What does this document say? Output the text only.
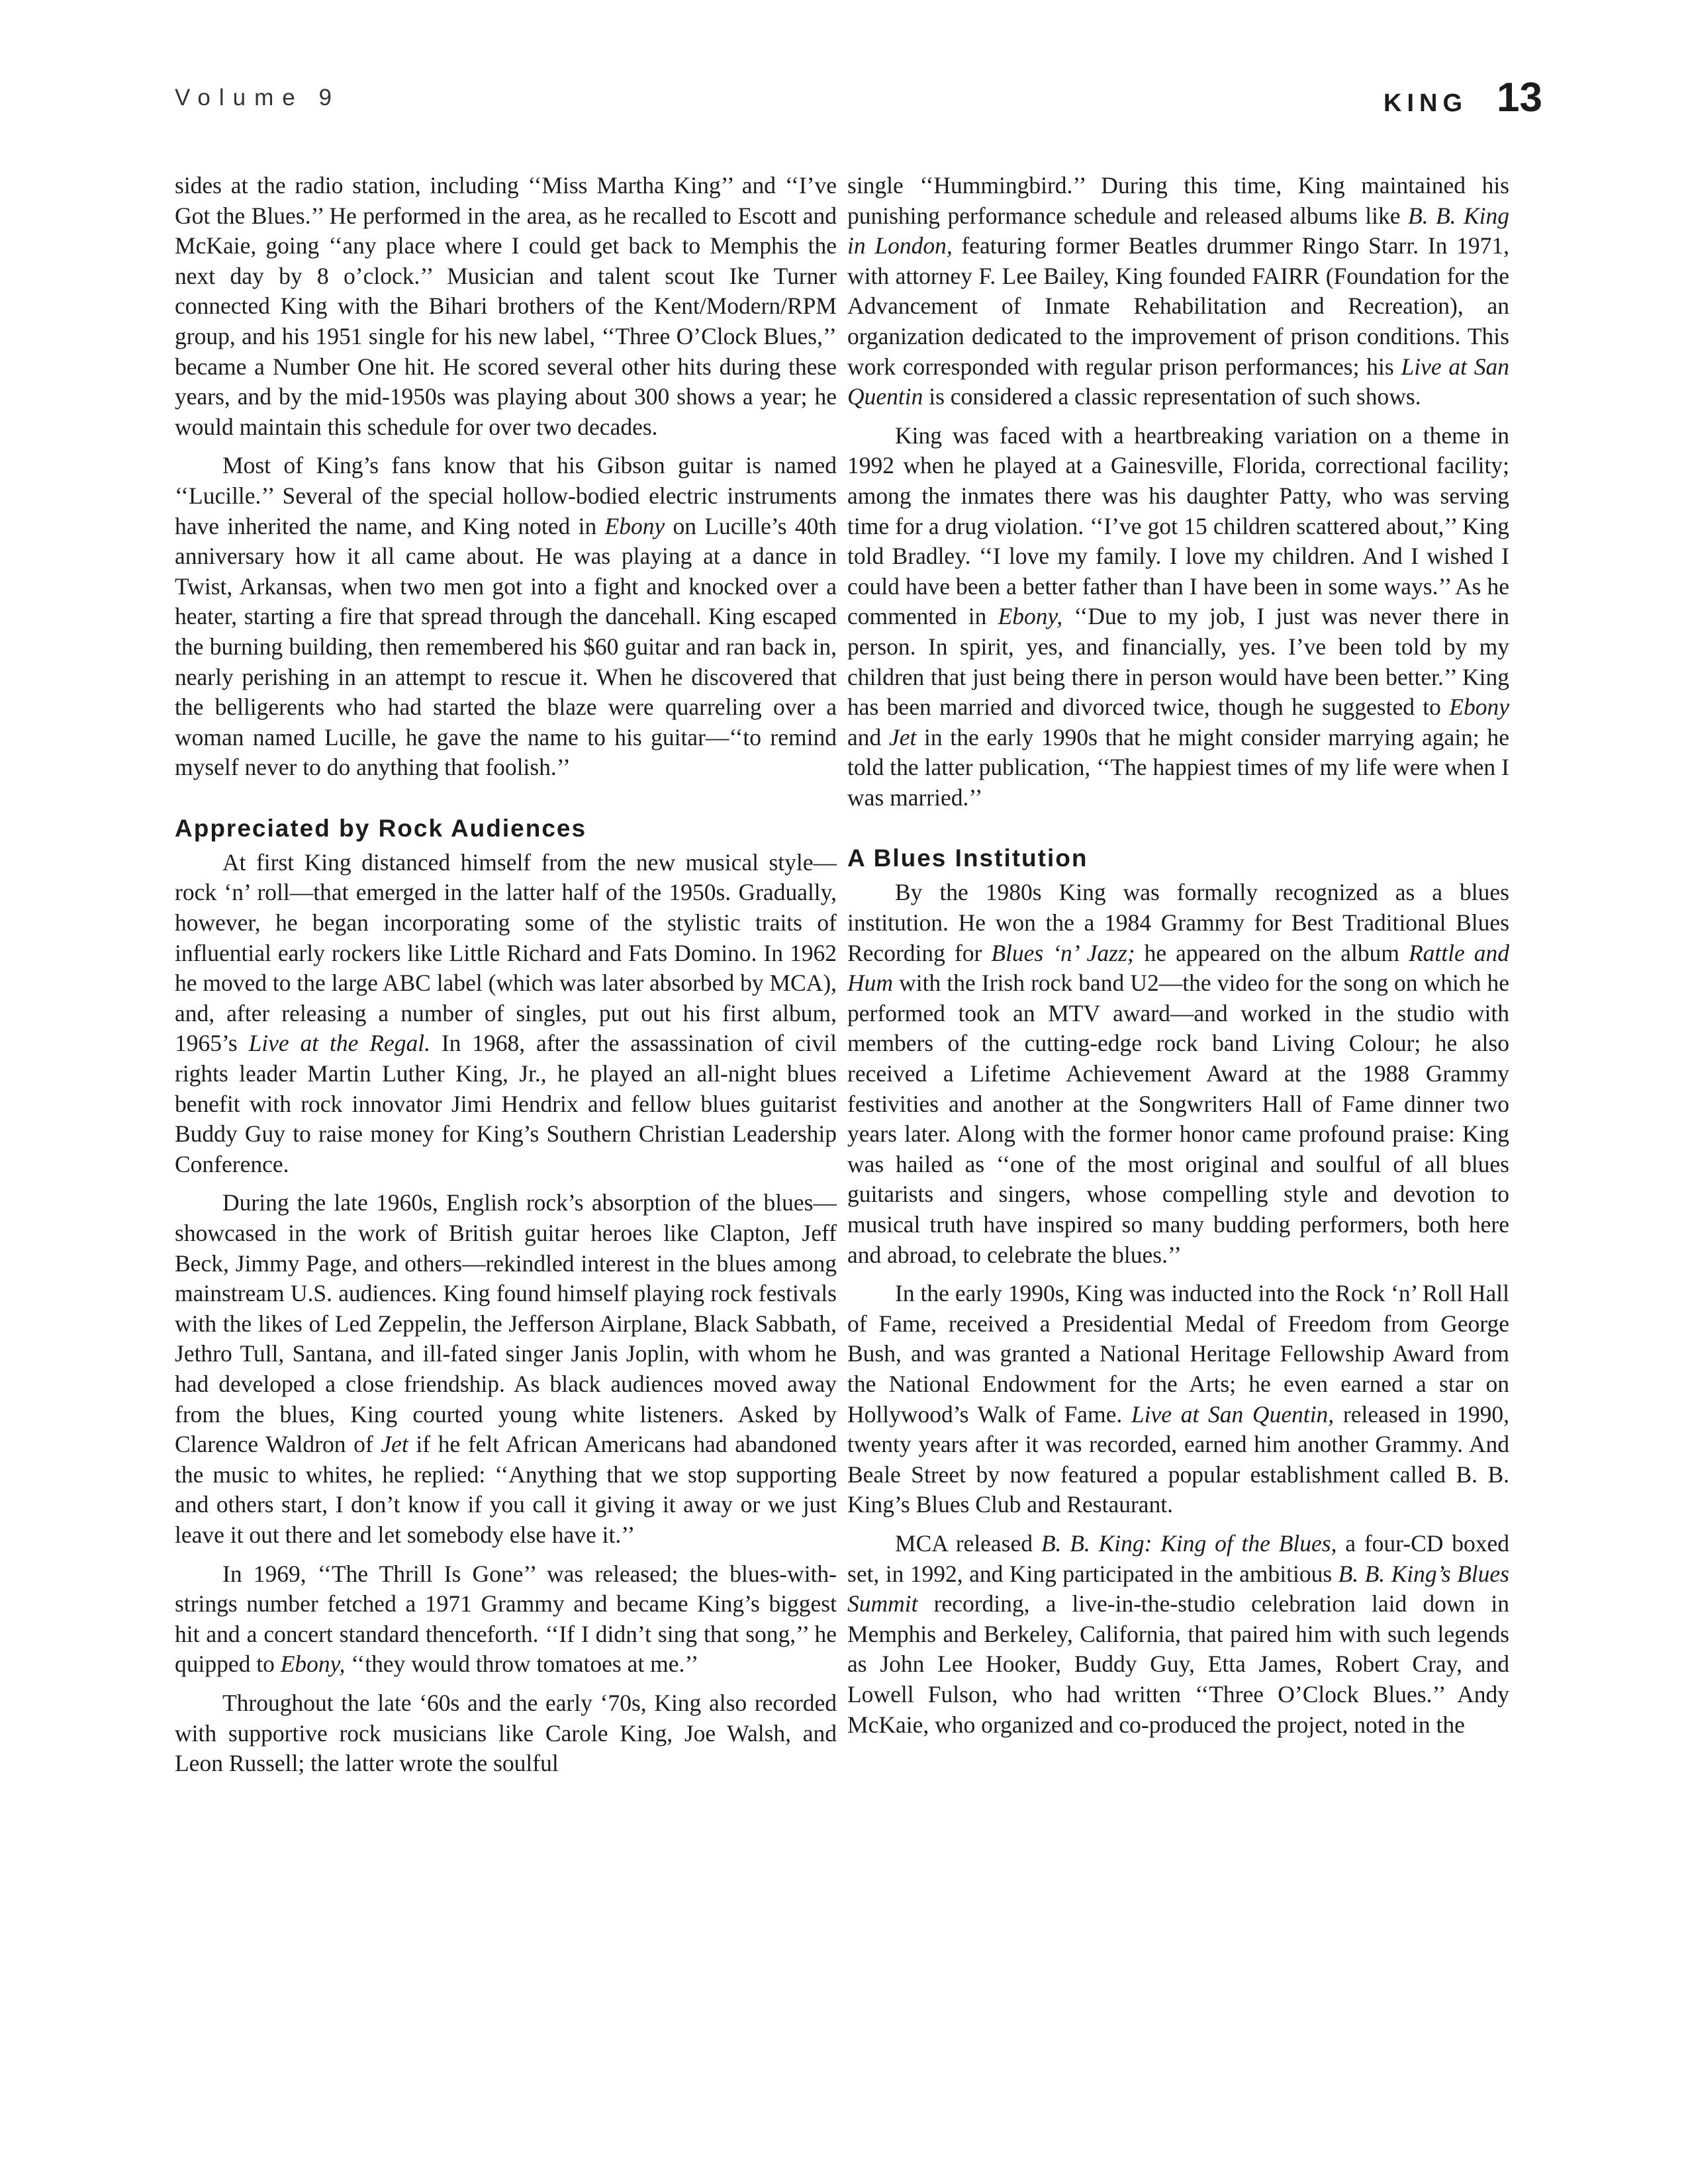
Volume 9	KING 13

sides at the radio station, including ‘‘Miss Martha King’’ and ‘‘I’ve Got the Blues.’’ He performed in the area, as he recalled to Escott and McKaie, going ‘‘any place where I could get back to Memphis the next day by 8 o’clock.’’ Musician and talent scout Ike Turner connected King with the Bihari brothers of the Kent/Modern/RPM group, and his 1951 single for his new label, ‘‘Three O’Clock Blues,’’ became a Number One hit. He scored several other hits during these years, and by the mid-1950s was playing about 300 shows a year; he would maintain this schedule for over two decades.

Most of King’s fans know that his Gibson guitar is named ‘‘Lucille.’’ Several of the special hollow-bodied electric instruments have inherited the name, and King noted in Ebony on Lucille’s 40th anniversary how it all came about. He was playing at a dance in Twist, Arkansas, when two men got into a fight and knocked over a heater, starting a fire that spread through the dancehall. King escaped the burning building, then remembered his $60 guitar and ran back in, nearly perishing in an attempt to rescue it. When he discovered that the belligerents who had started the blaze were quarreling over a woman named Lucille, he gave the name to his guitar—‘‘to remind myself never to do anything that foolish.’’

Appreciated by Rock Audiences

At first King distanced himself from the new musical style—rock ‘n’ roll—that emerged in the latter half of the 1950s. Gradually, however, he began incorporating some of the stylistic traits of influential early rockers like Little Richard and Fats Domino. In 1962 he moved to the large ABC label (which was later absorbed by MCA), and, after releasing a number of singles, put out his first album, 1965’s Live at the Regal. In 1968, after the assassination of civil rights leader Martin Luther King, Jr., he played an all-night blues benefit with rock innovator Jimi Hendrix and fellow blues guitarist Buddy Guy to raise money for King’s Southern Christian Leadership Conference.

During the late 1960s, English rock’s absorption of the blues—showcased in the work of British guitar heroes like Clapton, Jeff Beck, Jimmy Page, and others—rekindled interest in the blues among mainstream U.S. audiences. King found himself playing rock festivals with the likes of Led Zeppelin, the Jefferson Airplane, Black Sabbath, Jethro Tull, Santana, and ill-fated singer Janis Joplin, with whom he had developed a close friendship. As black audiences moved away from the blues, King courted young white listeners. Asked by Clarence Waldron of Jet if he felt African Americans had abandoned the music to whites, he replied: ‘‘Anything that we stop supporting and others start, I don’t know if you call it giving it away or we just leave it out there and let somebody else have it.’’

In 1969, ‘‘The Thrill Is Gone’’ was released; the blues-with-strings number fetched a 1971 Grammy and became King’s biggest hit and a concert standard thenceforth. ‘‘If I didn’t sing that song,’’ he quipped to Ebony, ‘‘they would throw tomatoes at me.’’

Throughout the late ‘60s and the early ‘70s, King also recorded with supportive rock musicians like Carole King, Joe Walsh, and Leon Russell; the latter wrote the soulful

single ‘‘Hummingbird.’’ During this time, King maintained his punishing performance schedule and released albums like B. B. King in London, featuring former Beatles drummer Ringo Starr. In 1971, with attorney F. Lee Bailey, King founded FAIRR (Foundation for the Advancement of Inmate Rehabilitation and Recreation), an organization dedicated to the improvement of prison conditions. This work corresponded with regular prison performances; his Live at San Quentin is considered a classic representation of such shows.

King was faced with a heartbreaking variation on a theme in 1992 when he played at a Gainesville, Florida, correctional facility; among the inmates there was his daughter Patty, who was serving time for a drug violation. ‘‘I’ve got 15 children scattered about,’’ King told Bradley. ‘‘I love my family. I love my children. And I wished I could have been a better father than I have been in some ways.’’ As he commented in Ebony, ‘‘Due to my job, I just was never there in person. In spirit, yes, and financially, yes. I’ve been told by my children that just being there in person would have been better.’’ King has been married and divorced twice, though he suggested to Ebony and Jet in the early 1990s that he might consider marrying again; he told the latter publication, ‘‘The happiest times of my life were when I was married.’’

A Blues Institution

By the 1980s King was formally recognized as a blues institution. He won the a 1984 Grammy for Best Traditional Blues Recording for Blues ‘n’ Jazz; he appeared on the album Rattle and Hum with the Irish rock band U2—the video for the song on which he performed took an MTV award—and worked in the studio with members of the cutting-edge rock band Living Colour; he also received a Lifetime Achievement Award at the 1988 Grammy festivities and another at the Songwriters Hall of Fame dinner two years later. Along with the former honor came profound praise: King was hailed as ‘‘one of the most original and soulful of all blues guitarists and singers, whose compelling style and devotion to musical truth have inspired so many budding performers, both here and abroad, to celebrate the blues.’’

In the early 1990s, King was inducted into the Rock ‘n’ Roll Hall of Fame, received a Presidential Medal of Freedom from George Bush, and was granted a National Heritage Fellowship Award from the National Endowment for the Arts; he even earned a star on Hollywood’s Walk of Fame. Live at San Quentin, released in 1990, twenty years after it was recorded, earned him another Grammy. And Beale Street by now featured a popular establishment called B. B. King’s Blues Club and Restaurant.

MCA released B. B. King: King of the Blues, a four-CD boxed set, in 1992, and King participated in the ambitious B. B. King’s Blues Summit recording, a live-in-the-studio celebration laid down in Memphis and Berkeley, California, that paired him with such legends as John Lee Hooker, Buddy Guy, Etta James, Robert Cray, and Lowell Fulson, who had written ‘‘Three O’Clock Blues.’’ Andy McKaie, who organized and co-produced the project, noted in the
